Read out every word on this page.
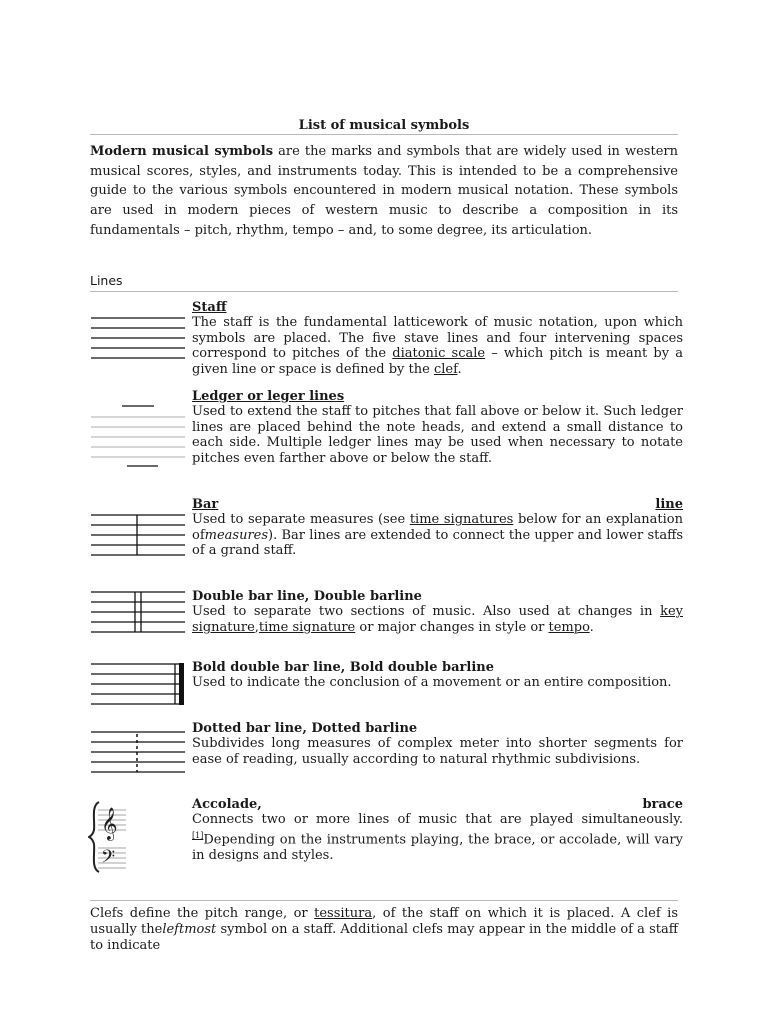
List of musical symbols
Modern musical symbols are the marks and symbols that are widely used in western musical scores, styles, and instruments today. This is intended to be a comprehensive guide to the various symbols encountered in modern musical notation. These symbols are used in modern pieces of western music to describe a composition in its fundamentals – pitch, rhythm, tempo – and, to some degree, its articulation.
Lines
Staff
The staff is the fundamental latticework of music notation, upon which symbols are placed. The five stave lines and four intervening spaces correspond to pitches of the diatonic scale – which pitch is meant by a given line or space is defined by the clef.
Ledger or leger lines
Used to extend the staff to pitches that fall above or below it. Such ledger lines are placed behind the note heads, and extend a small distance to each side. Multiple ledger lines may be used when necessary to notate pitches even farther above or below the staff.
Bar	line
Used to separate measures (see time signatures below for an explanation ofmeasures). Bar lines are extended to connect the upper and lower staffs of a grand staff.
Double bar line, Double barline
Used to separate two sections of music. Also used at changes in key signature,time signature or major changes in style or tempo.
Bold double bar line, Bold double barline
Used to indicate the conclusion of a movement or an entire composition.
Dotted bar line, Dotted barline
Subdivides long measures of complex meter into shorter segments for ease of reading, usually according to natural rhythmic subdivisions.
𝄞
𝄢
Accolade,	brace
Connects two or more lines of music that are played simultaneously. [1]Depending on the instruments playing, the brace, or accolade, will vary in designs and styles.
Clefs define the pitch range, or tessitura, of the staff on which it is placed. A clef is usually theleftmost symbol on a staff. Additional clefs may appear in the middle of a staff to indicate
